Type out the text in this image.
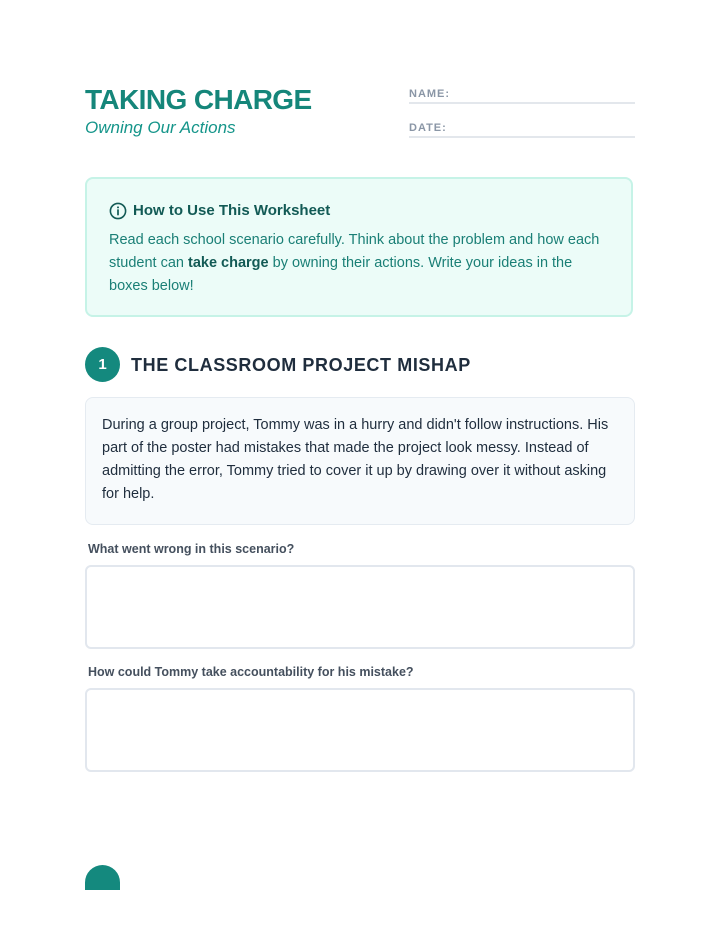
TAKING CHARGE

Owning Our Actions

NAME:
DATE:
How to Use This Worksheet
Read each school scenario carefully. Think about the problem and how each student can take charge by owning their actions. Write your ideas in the boxes below!
1	THE CLASSROOM PROJECT MISHAP
During a group project, Tommy was in a hurry and didn't follow instructions. His part of the poster had mistakes that made the project look messy. Instead of admitting the error, Tommy tried to cover it up by drawing over it without asking for help.
What went wrong in this scenario?
How could Tommy take accountability for his mistake?
